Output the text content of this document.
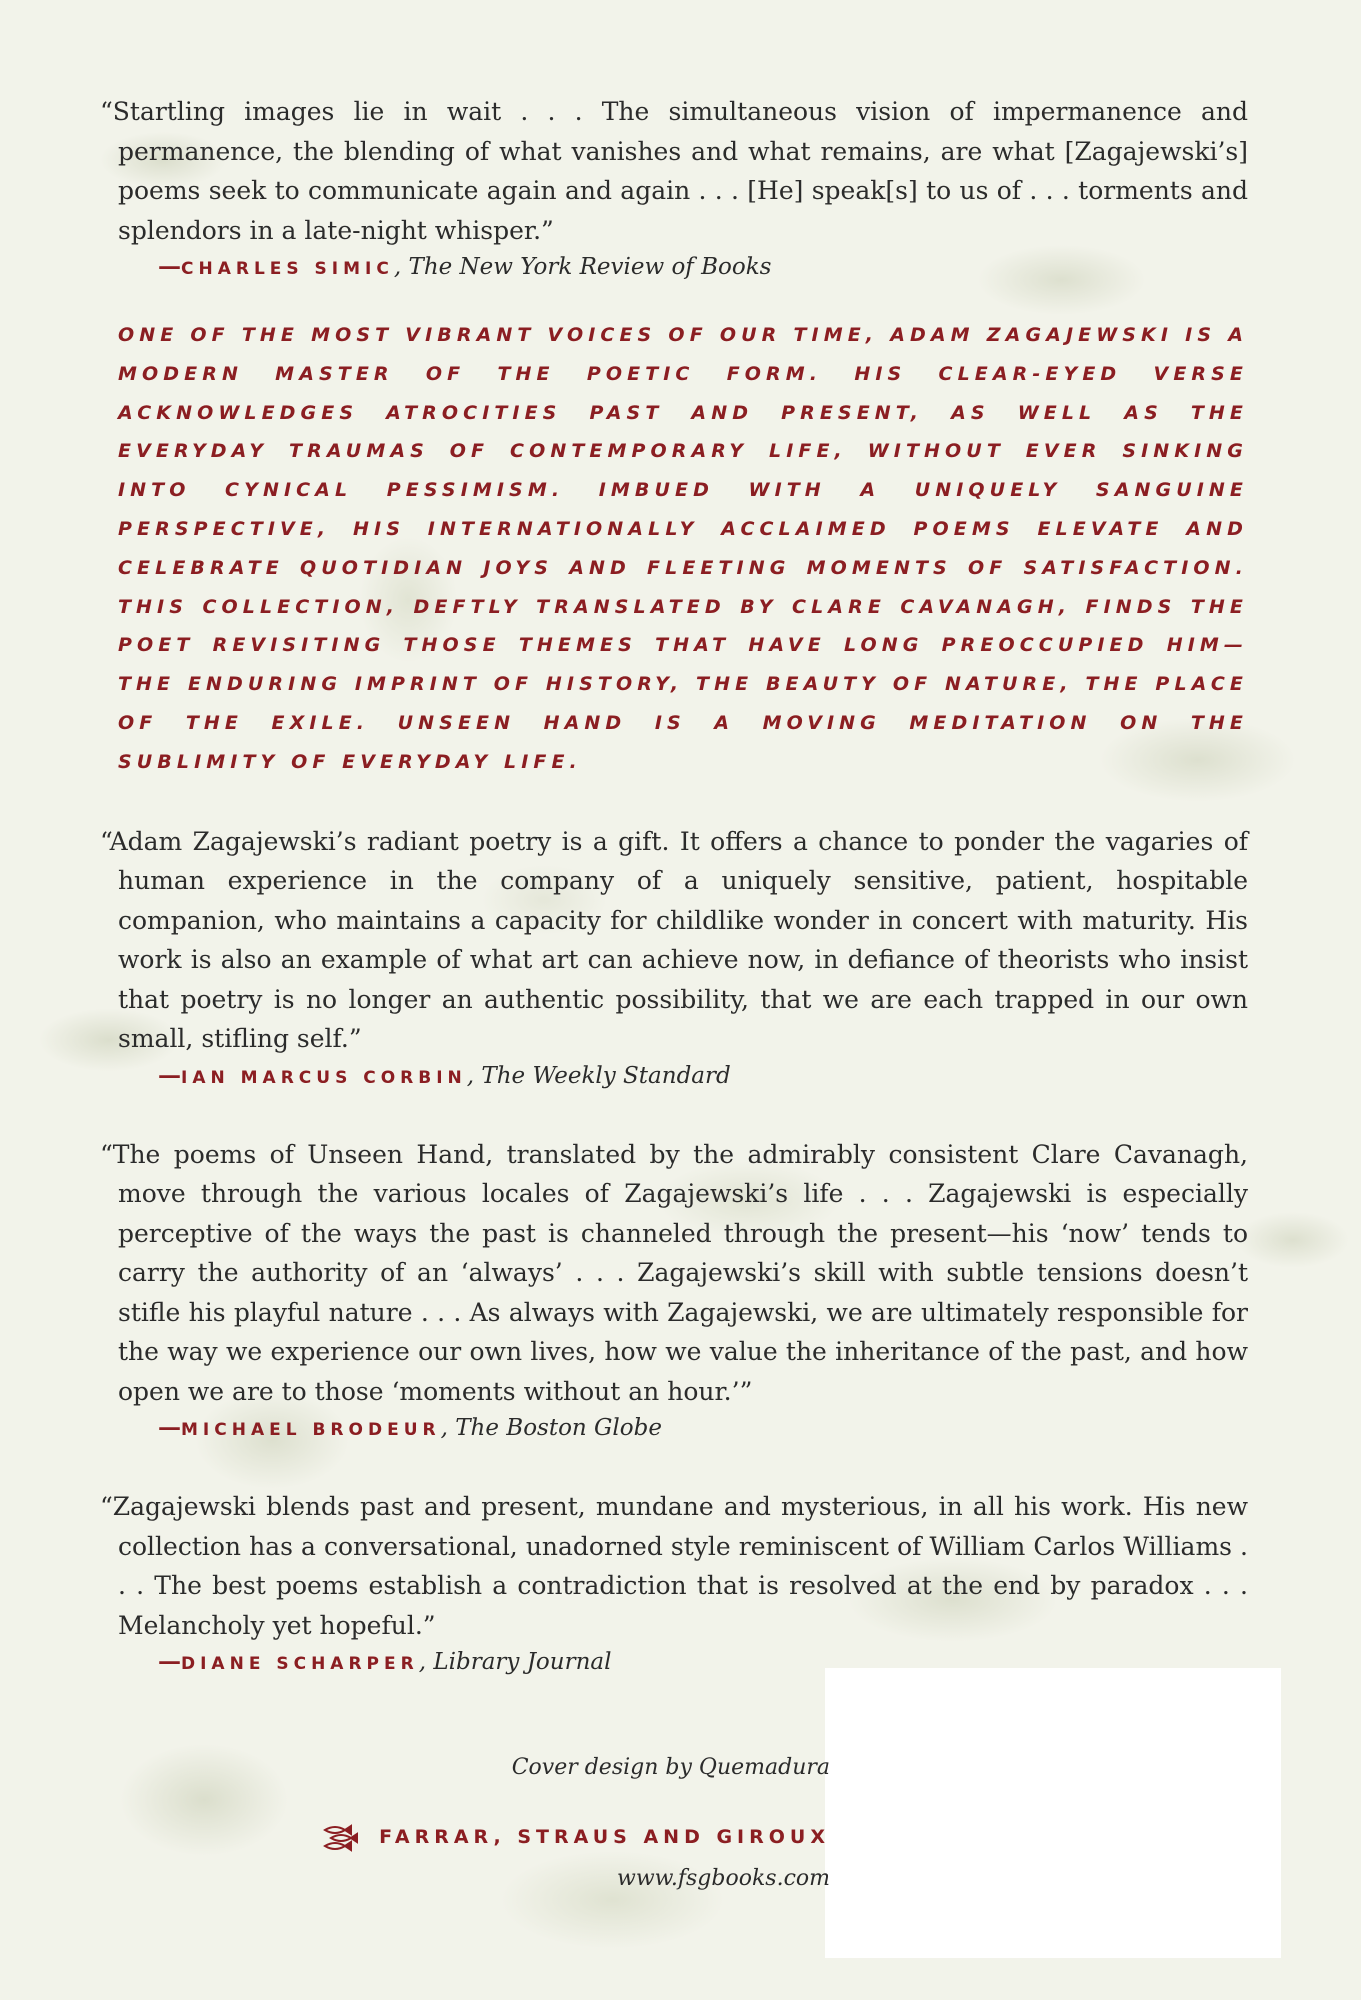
“Startling images lie in wait . . . The simultaneous vision of impermanence and permanence, the blending of what vanishes and what remains, are what [Zagajewski’s] poems seek to communicate again and again . . . [He] speak[s] to us of . . . torments and splendors in a late-night whisper.”

—CHARLES SIMIC, The New York Review of Books

ONE OF THE MOST VIBRANT VOICES OF OUR TIME, ADAM ZAGAJEWSKI IS A MODERN MASTER OF THE POETIC FORM. HIS CLEAR-EYED VERSE ACKNOWLEDGES ATROCITIES PAST AND PRESENT, AS WELL AS THE EVERYDAY TRAUMAS OF CONTEMPORARY LIFE, WITHOUT EVER SINKING INTO CYNICAL PESSIMISM. IMBUED WITH A UNIQUELY SANGUINE PERSPECTIVE, HIS INTERNATIONALLY ACCLAIMED POEMS ELEVATE AND CELEBRATE QUOTIDIAN JOYS AND FLEETING MOMENTS OF SATISFACTION. THIS COLLECTION, DEFTLY TRANSLATED BY CLARE CAVANAGH, FINDS THE POET REVISITING THOSE THEMES THAT HAVE LONG PREOCCUPIED HIM—THE ENDURING IMPRINT OF HISTORY, THE BEAUTY OF NATURE, THE PLACE OF THE EXILE. UNSEEN HAND IS A MOVING MEDITATION ON THE SUBLIMITY OF EVERYDAY LIFE.

“Adam Zagajewski’s radiant poetry is a gift. It offers a chance to ponder the vagaries of human experience in the company of a uniquely sensitive, patient, hospitable companion, who maintains a capacity for childlike wonder in concert with maturity. His work is also an example of what art can achieve now, in defiance of theorists who insist that poetry is no longer an authentic possibility, that we are each trapped in our own small, stifling self.”

—IAN MARCUS CORBIN, The Weekly Standard

“The poems of Unseen Hand, translated by the admirably consistent Clare Cavanagh, move through the various locales of Zagajewski’s life . . . Zagajewski is especially perceptive of the ways the past is channeled through the present—his ‘now’ tends to carry the authority of an ‘always’ . . . Zagajewski’s skill with subtle tensions doesn’t stifle his playful nature . . . As always with Zagajewski, we are ultimately responsible for the way we experience our own lives, how we value the inheritance of the past, and how open we are to those ‘moments without an hour.’”

—MICHAEL BRODEUR, The Boston Globe

“Zagajewski blends past and present, mundane and mysterious, in all his work. His new collection has a conversational, unadorned style reminiscent of William Carlos Williams . . . The best poems establish a contradiction that is resolved at the end by paradox . . . Melancholy yet hopeful.”

—DIANE SCHARPER, Library Journal
Cover design by Quemadura
FARRAR, STRAUS AND GIROUX
www.fsgbooks.com
